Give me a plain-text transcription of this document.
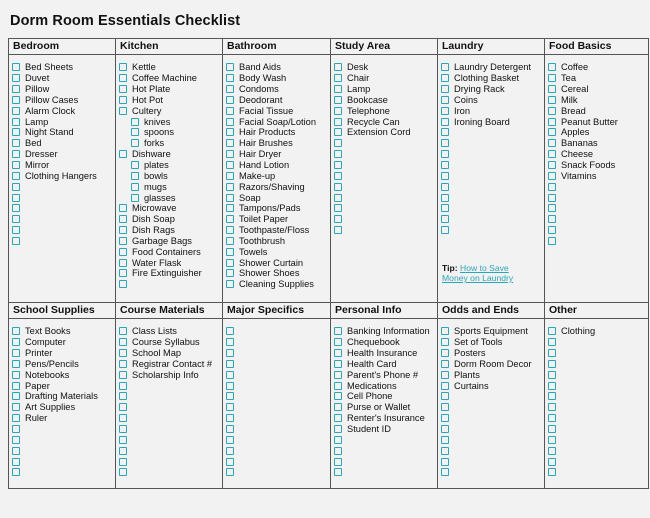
Dorm Room Essentials Checklist
Bedroom
Bed Sheets
Duvet
Pillow
Pillow Cases
Alarm Clock
Lamp
Night Stand
Bed
Dresser
Mirror
Clothing Hangers
Kitchen
Kettle
Coffee Machine
Hot Plate
Hot Pot
Cultery
knives
spoons
forks
Dishware
plates
bowls
mugs
glasses
Microwave
Dish Soap
Dish Rags
Garbage Bags
Food Containers
Water Flask
Fire Extinguisher
Bathroom
Band Aids
Body Wash
Condoms
Deodorant
Facial Tissue
Facial Soap/Lotion
Hair Products
Hair Brushes
Hair Dryer
Hand Lotion
Make-up
Razors/Shaving
Soap
Tampons/Pads
Toilet Paper
Toothpaste/Floss
Toothbrush
Towels
Shower Curtain
Shower Shoes
Cleaning Supplies
Study Area
Desk
Chair
Lamp
Bookcase
Telephone
Recycle Can
Extension Cord
Laundry
Laundry Detergent
Clothing Basket
Drying Rack
Coins
Iron
Ironing Board
Tip: How to Save
Money on Laundry
Food Basics
Coffee
Tea
Cereal
Milk
Bread
Peanut Butter
Apples
Bananas
Cheese
Snack Foods
Vitamins
School Supplies
Text Books
Computer
Printer
Pens/Pencils
Notebooks
Paper
Drafting Materials
Art Supplies
Ruler
Course Materials
Class Lists
Course Syllabus
School Map
Registrar Contact #
Scholarship Info
Major Specifics	Personal Info
Banking Information
Chequebook
Health Insurance
Health Card
Parent's Phone #
Medications
Cell Phone
Purse or Wallet
Renter's Insurance
Student ID
Odds and Ends
Sports Equipment
Set of Tools
Posters
Dorm Room Decor
Plants
Curtains
Other
Clothing
